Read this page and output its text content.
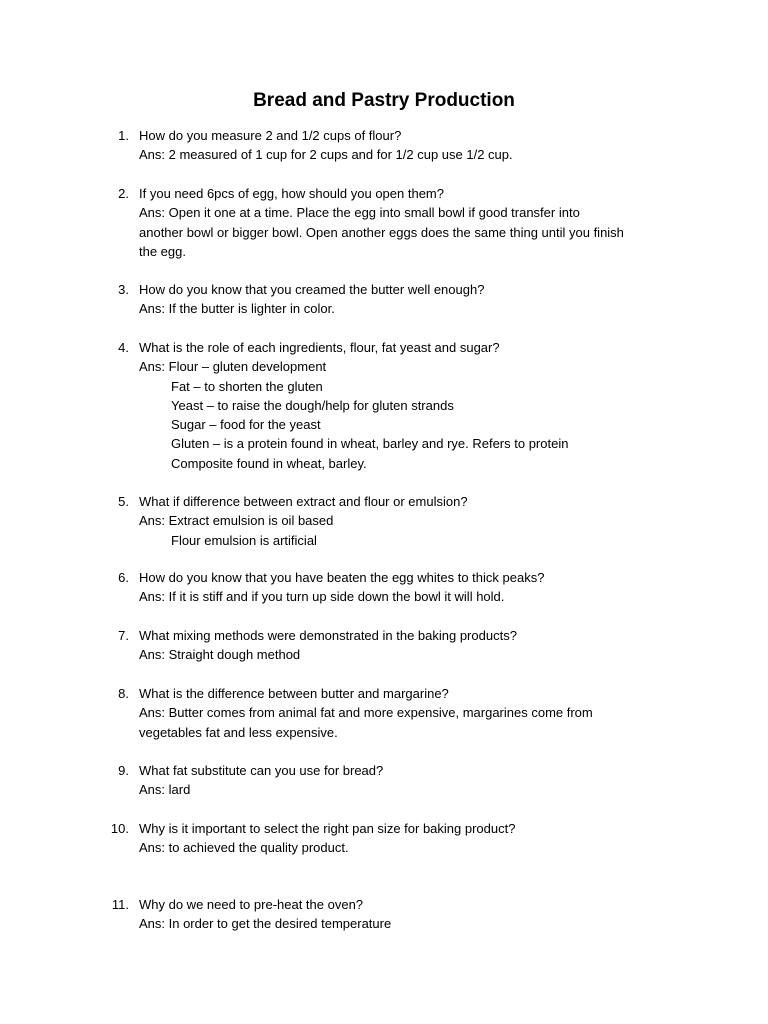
Bread and Pastry Production
1. How do you measure 2 and 1/2 cups of flour?
Ans: 2 measured of 1 cup for 2 cups and for 1/2 cup use 1/2 cup.
2. If you need 6pcs of egg, how should you open them?
Ans: Open it one at a time. Place the egg into small bowl if good transfer into
another bowl or bigger bowl. Open another eggs does the same thing until you finish
the egg.
3. How do you know that you creamed the butter well enough?
Ans: If the butter is lighter in color.
4. What is the role of each ingredients, flour, fat yeast and sugar?
Ans: Flour – gluten development
Fat – to shorten the gluten
Yeast – to raise the dough/help for gluten strands
Sugar – food for the yeast
Gluten – is a protein found in wheat, barley and rye. Refers to protein
Composite found in wheat, barley.
5. What if difference between extract and flour or emulsion?
Ans: Extract emulsion is oil based
Flour emulsion is artificial
6. How do you know that you have beaten the egg whites to thick peaks?
Ans: If it is stiff and if you turn up side down the bowl it will hold.
7. What mixing methods were demonstrated in the baking products?
Ans: Straight dough method
8. What is the difference between butter and margarine?
Ans: Butter comes from animal fat and more expensive, margarines come from
vegetables fat and less expensive.
9. What fat substitute can you use for bread?
Ans: lard
10. Why is it important to select the right pan size for baking product?
Ans: to achieved the quality product.
11. Why do we need to pre-heat the oven?
Ans: In order to get the desired temperature
